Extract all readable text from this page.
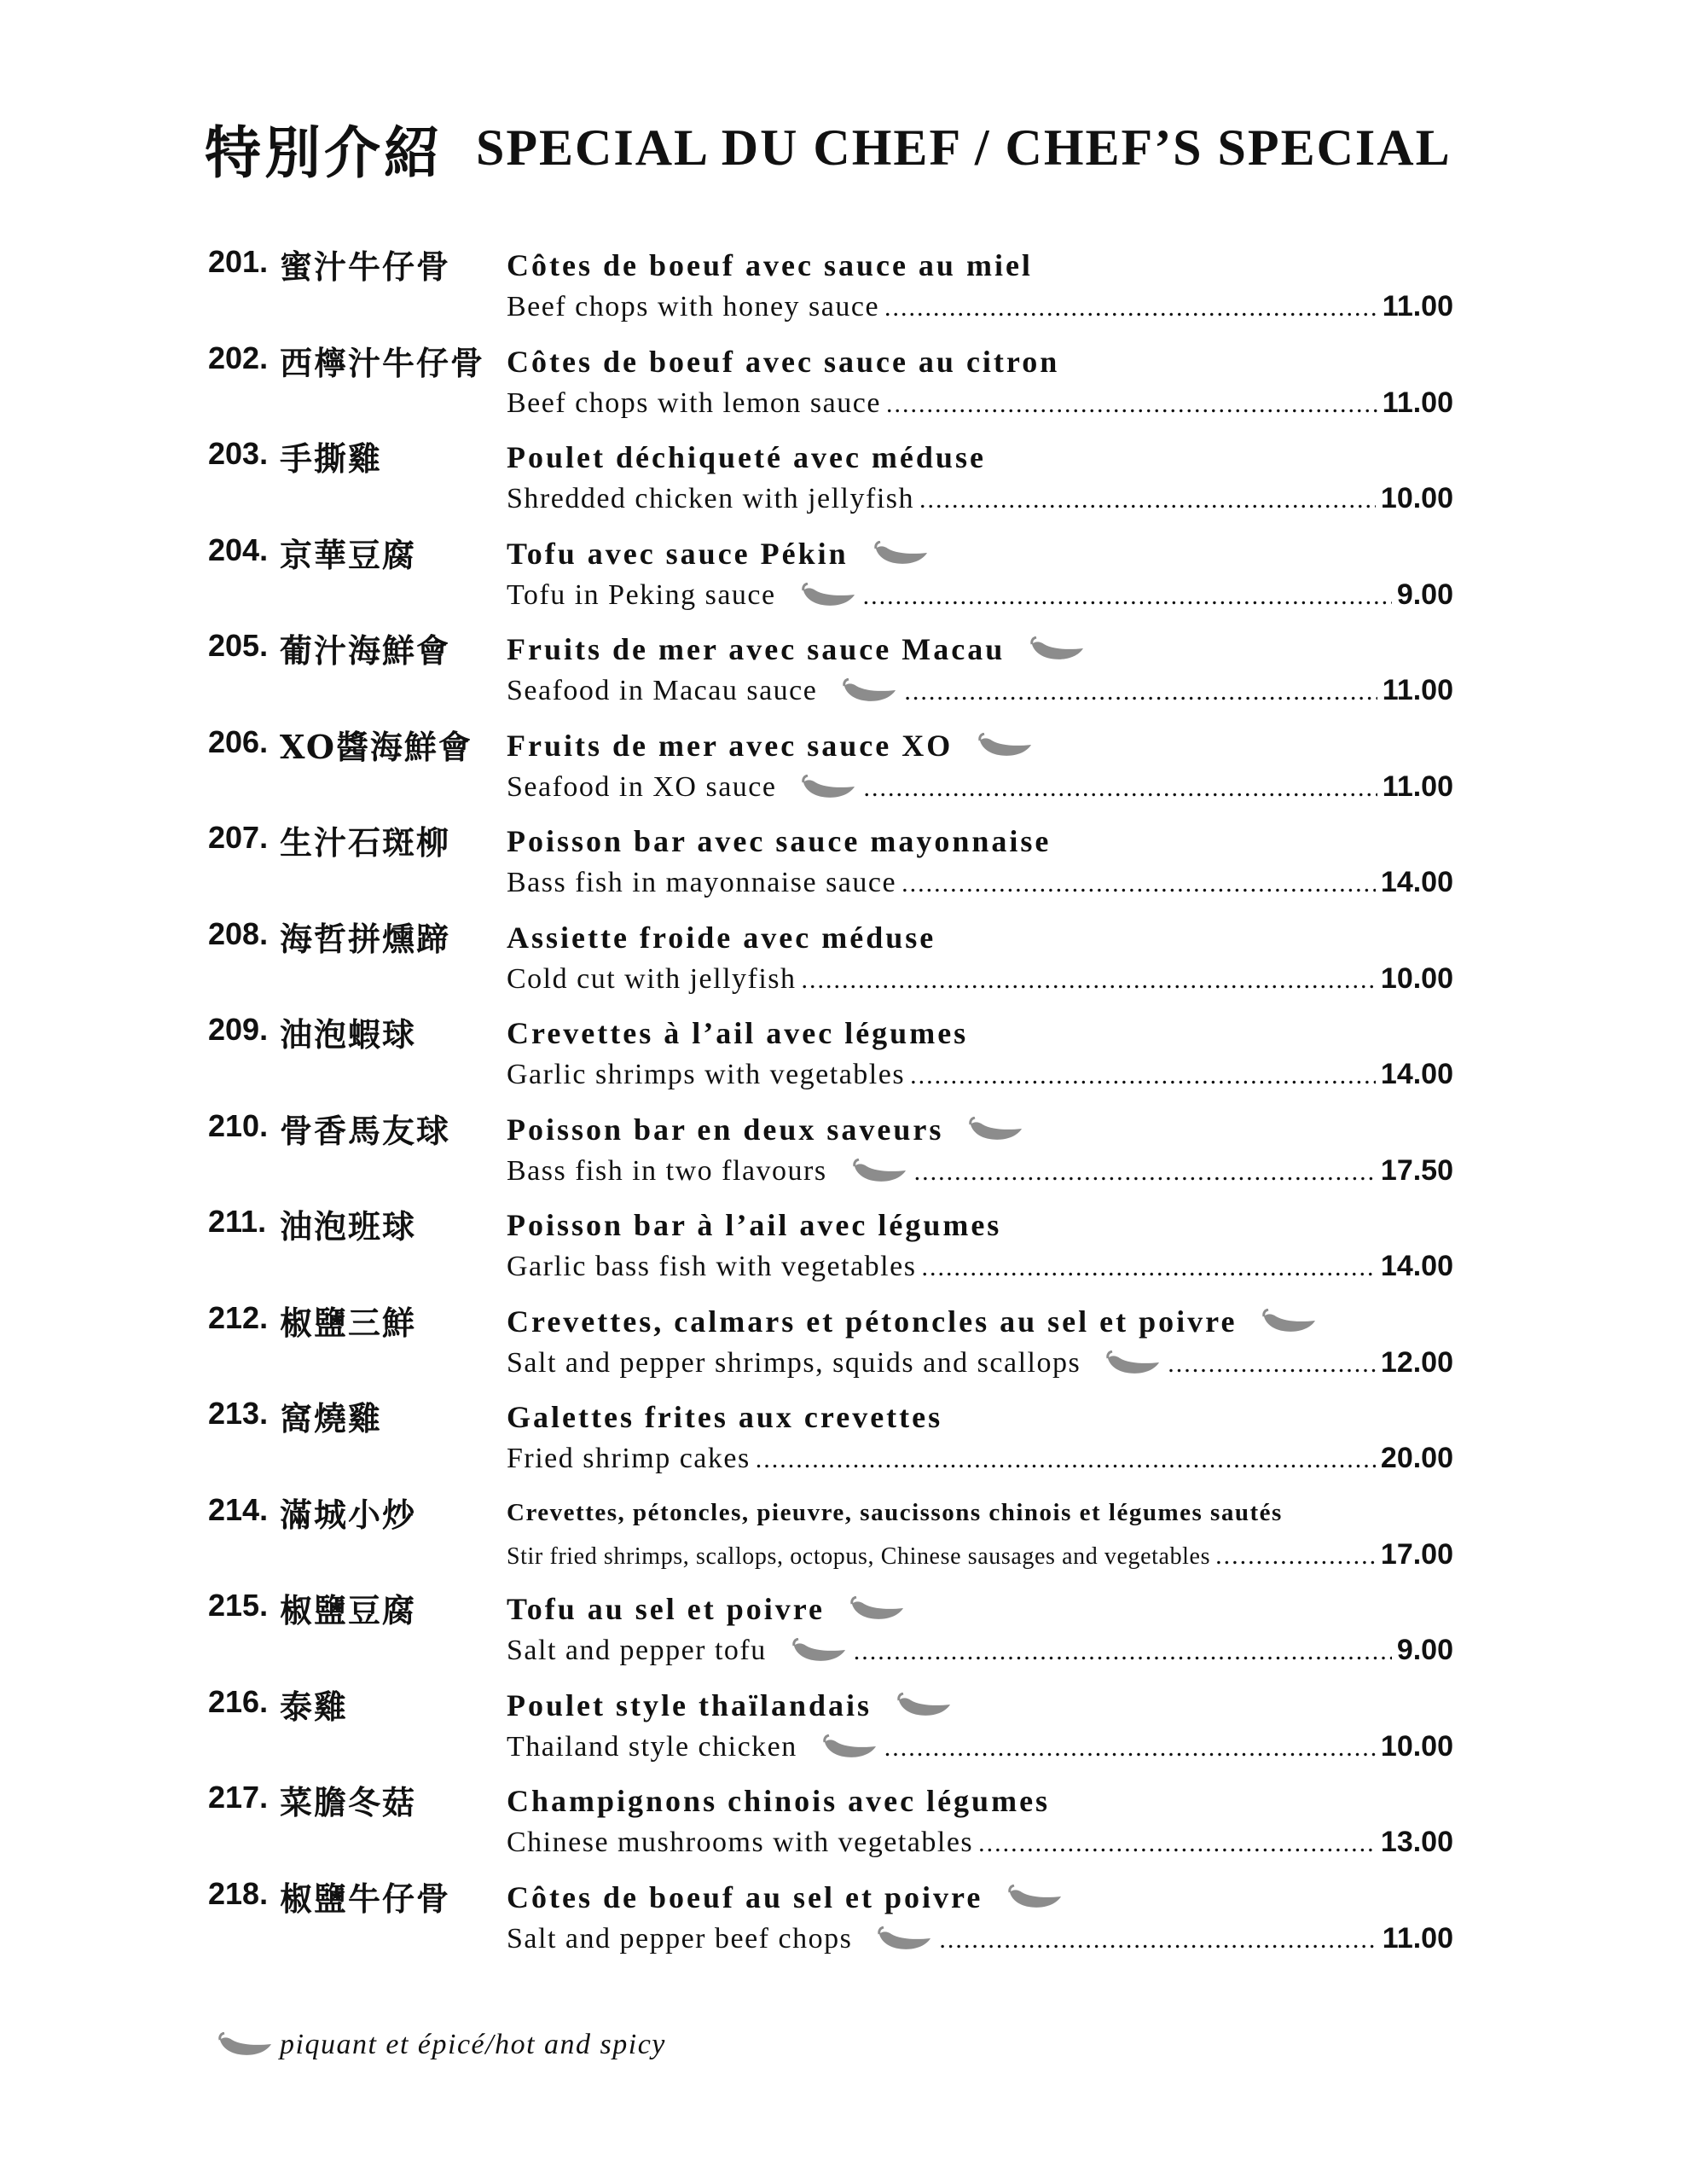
特別介紹 SPECIAL DU CHEF / CHEF’S SPECIAL
201. 蜜汁牛仔骨 Côtes de boeuf avec sauce au miel
Beef chops with honey sauce .....	11.00
202. 西檸汁牛仔骨 Côtes de boeuf avec sauce au citron
Beef chops with lemon sauce .....	11.00
203. 手撕雞	Poulet déchiqueté avec méduse
Shredded chicken with jellyfish .....	10.00
204. 京華豆腐	Tofu avec sauce Pékin
Tofu in Peking sauce .....	9.00
205. 葡汁海鮮會 Fruits de mer avec sauce Macau
Seafood in Macau sauce .....	11.00
206. XO醬海鮮會 Fruits de mer avec sauce XO
Seafood in XO sauce .....	11.00
207. 生汁石斑柳 Poisson bar avec sauce mayonnaise
Bass fish in mayonnaise sauce .....	14.00
208. 海哲拼燻蹄 Assiette froide avec méduse
Cold cut with jellyfish .....	10.00
209. 油泡蝦球	Crevettes à l’ail avec légumes
Garlic shrimps with vegetables .....	14.00
210. 骨香馬友球 Poisson bar en deux saveurs
Bass fish in two flavours .....	17.50
211. 油泡班球	Poisson bar à l’ail avec légumes
Garlic bass fish with vegetables .....	14.00
212. 椒鹽三鮮	Crevettes, calmars et pétoncles au sel et poivre
Salt and pepper shrimps, squids and scallops .....	12.00
213. 窩燒雞	Galettes frites aux crevettes
Fried shrimp cakes .....	20.00
214. 滿城小炒	Crevettes, pétoncles, pieuvre, saucissons chinois et légumes sautés
Stir fried shrimps, scallops, octopus, Chinese sausages and vegetables .....	17.00
215. 椒鹽豆腐	Tofu au sel et poivre
Salt and pepper tofu .....	9.00
216. 泰雞	Poulet style thaïlandais
Thailand style chicken .....	10.00
217. 菜膽冬菇	Champignons chinois avec légumes
Chinese mushrooms with vegetables .....	13.00
218. 椒鹽牛仔骨 Côtes de boeuf au sel et poivre
Salt and pepper beef chops .....	11.00
piquant et épicé/hot and spicy
